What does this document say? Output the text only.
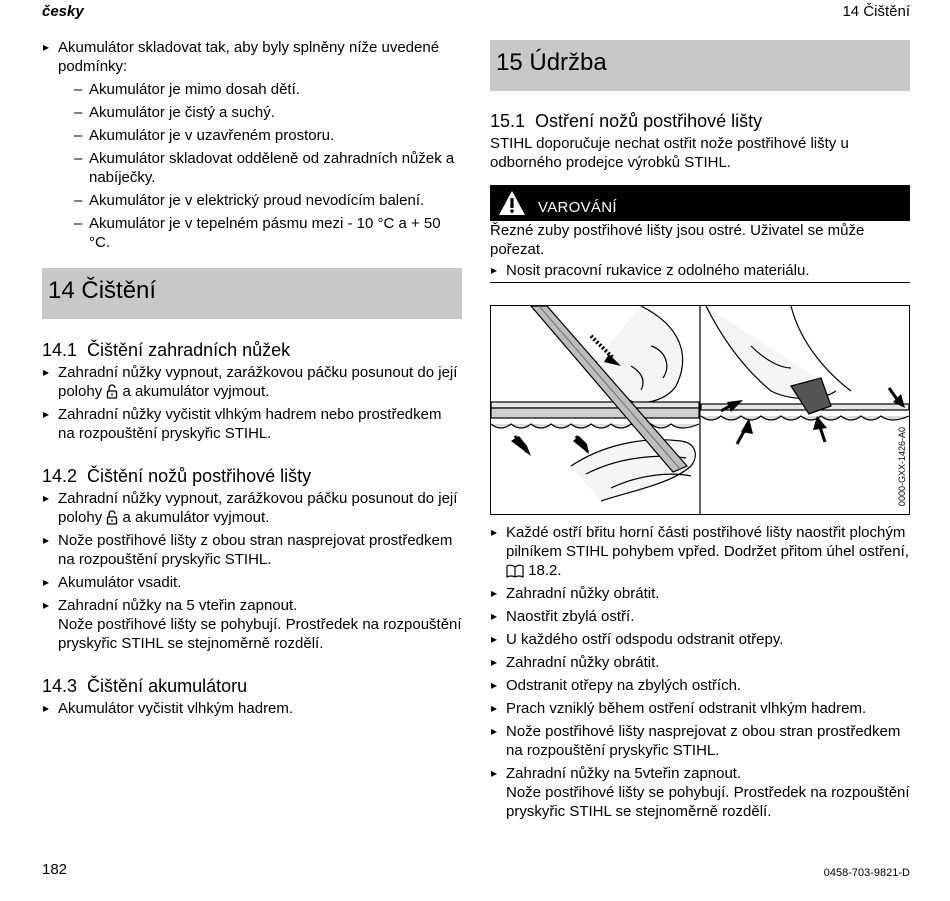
česky	14 Čištění
▸ Akumulátor skladovat tak, aby byly splněny níže uvedené podmínky:
– Akumulátor je mimo dosah dětí.
– Akumulátor je čistý a suchý.
– Akumulátor je v uzavřeném prostoru.
– Akumulátor skladovat odděleně od zahradních nůžek a nabíječky.
– Akumulátor je v elektrický proud nevodícím balení.
– Akumulátor je v tepelném pásmu mezi - 10 °C a + 50 °C.
14 Čištění
14.1 Čištění zahradních nůžek
▸ Zahradní nůžky vypnout, zarážkovou páčku posunout do její polohy a akumulátor vyjmout.
▸ Zahradní nůžky vyčistit vlhkým hadrem nebo prostředkem na rozpouštění pryskyřic STIHL.
14.2 Čištění nožů postřihové lišty
▸ Zahradní nůžky vypnout, zarážkovou páčku posunout do její polohy a akumulátor vyjmout.
▸ Nože postřihové lišty z obou stran nasprejovat prostředkem na rozpouštění pryskyřic STIHL.
▸ Akumulátor vsadit.
▸ Zahradní nůžky na 5 vteřin zapnout.
Nože postřihové lišty se pohybují. Prostředek na rozpouštění pryskyřic STIHL se stejnoměrně rozdělí.
14.3 Čištění akumulátoru
▸ Akumulátor vyčistit vlhkým hadrem.
15 Údržba
15.1 Ostření nožů postřihové lišty

STIHL doporučuje nechat ostřit nože postřihové lišty u odborného prodejce výrobků STIHL.

VAROVÁNÍ

Řezné zuby postřihové lišty jsou ostré. Uživatel se může pořezat.

▸ Nosit pracovní rukavice z odolného materiálu.
0000-GXX-1426-A0
▸ Každé ostří břitu horní části postřihové lišty naostřit plochým pilníkem STIHL pohybem vpřed. Dodržet přitom úhel ostření,  18.2.
▸ Zahradní nůžky obrátit.
▸ Naostřit zbylá ostří.
▸ U každého ostří odspodu odstranit otřepy.
▸ Zahradní nůžky obrátit.
▸ Odstranit otřepy na zbylých ostřích.
▸ Prach vzniklý během ostření odstranit vlhkým hadrem.
▸ Nože postřihové lišty nasprejovat z obou stran prostředkem na rozpouštění pryskyřic STIHL.
▸ Zahradní nůžky na 5vteřin zapnout.
Nože postřihové lišty se pohybují. Prostředek na rozpouštění pryskyřic STIHL se stejnoměrně rozdělí.
182	0458-703-9821-D
